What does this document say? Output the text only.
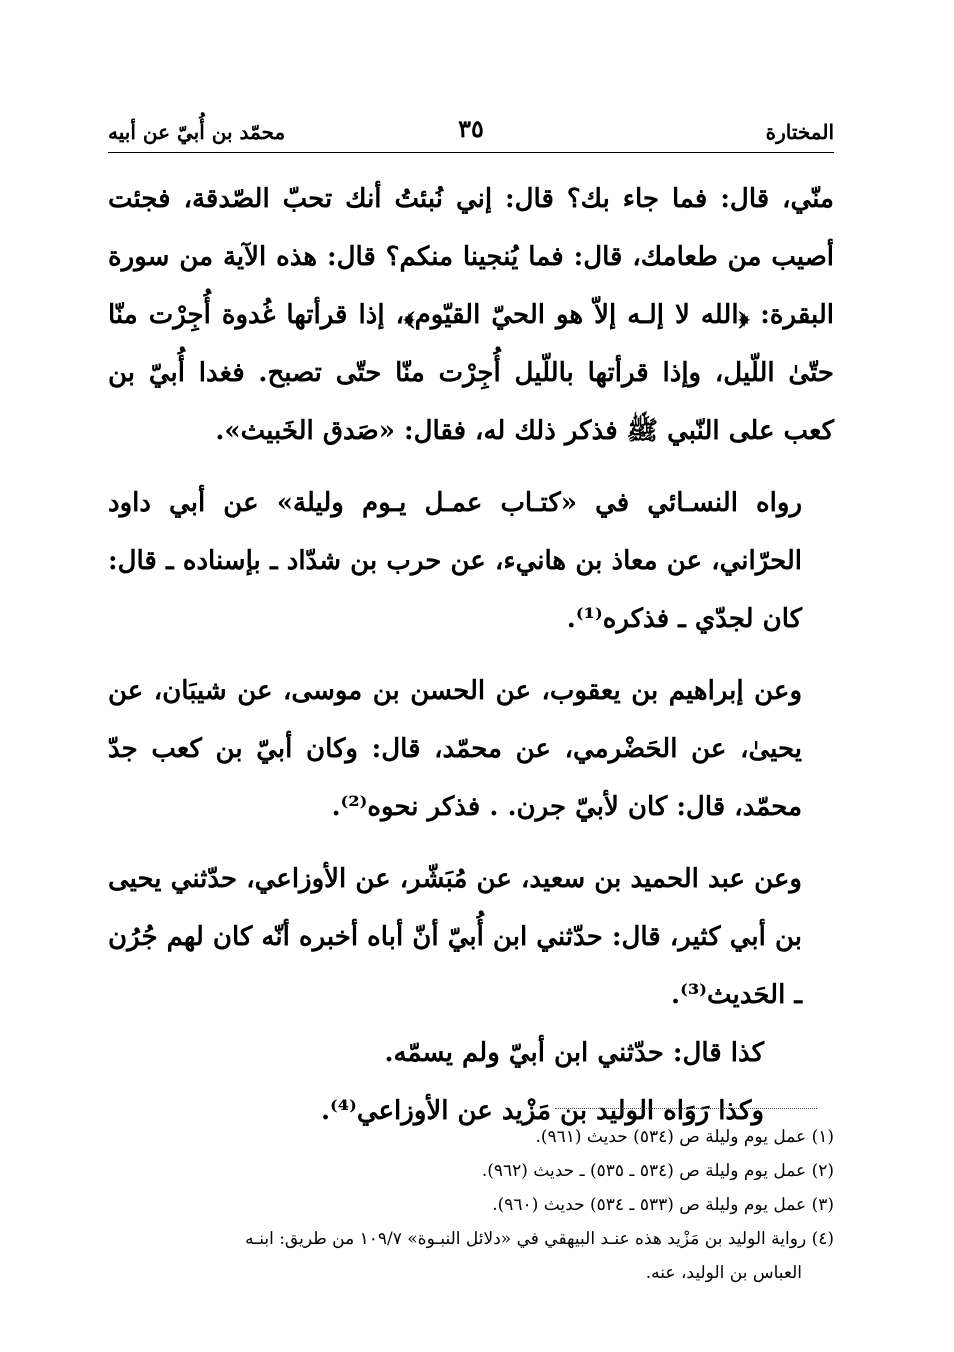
المختارة
٣٥
محمّد بن أُبيّ عن أبيه

منّي، قال: فما جاء بك؟ قال: إني نُبئتُ أنك تحبّ الصّدقة، فجئت أصيب من طعامك، قال: فما يُنجينا منكم؟ قال: هذه الآية من سورة البقرة: ﴿الله لا إلـه إلاّ هو الحيّ القيّوم﴾، إذا قرأتها غُدوة أُجِرْت منّا حتّىٰ اللّيل، وإذا قرأتها باللّيل أُجِرْت منّا حتّى تصبح. فغدا أُبيّ بن كعب على النّبي ﷺ فذكر ذلك له، فقال: «صَدق الخَبيث».

رواه النسـائي في «كتـاب عمـل يـوم وليلة» عن أبي داود الحرّاني، عن معاذ بن هانيء، عن حرب بن شدّاد ـ بإسناده ـ قال: كان لجدّي ـ فذكره⁽¹⁾.

وعن إبراهيم بن يعقوب، عن الحسن بن موسى، عن شيبَان، عن يحيىٰ، عن الحَضْرمي، عن محمّد، قال: وكان أبيّ بن كعب جدّ محمّد، قال: كان لأبيّ جرن. . فذكر نحوه⁽²⁾.

وعن عبد الحميد بن سعيد، عن مُبَشّر، عن الأوزاعي، حدّثني يحيى بن أبي كثير، قال: حدّثني ابن أُبيّ أنّ أباه أخبره أنّه كان لهم جُرُن ـ الحَديث⁽³⁾.

كذا قال: حدّثني ابن أبيّ ولم يسمّه.

وكذا رَوَاه الوليد بن مَزْيد عن الأوزاعي⁽⁴⁾.

(١) عمل يوم وليلة ص (٥٣٤) حديث (٩٦١).

(٢) عمل يوم وليلة ص (٥٣٤ ـ ٥٣٥) ـ حديث (٩٦٢).

(٣) عمل يوم وليلة ص (٥٣٣ ـ ٥٣٤) حديث (٩٦٠).

(٤) رواية الوليد بن مَزْيد هذه عنـد البيهقي في «دلائل النبـوة» ١٠٩/٧ من طريق: ابنـه

العباس بن الوليد، عنه.
